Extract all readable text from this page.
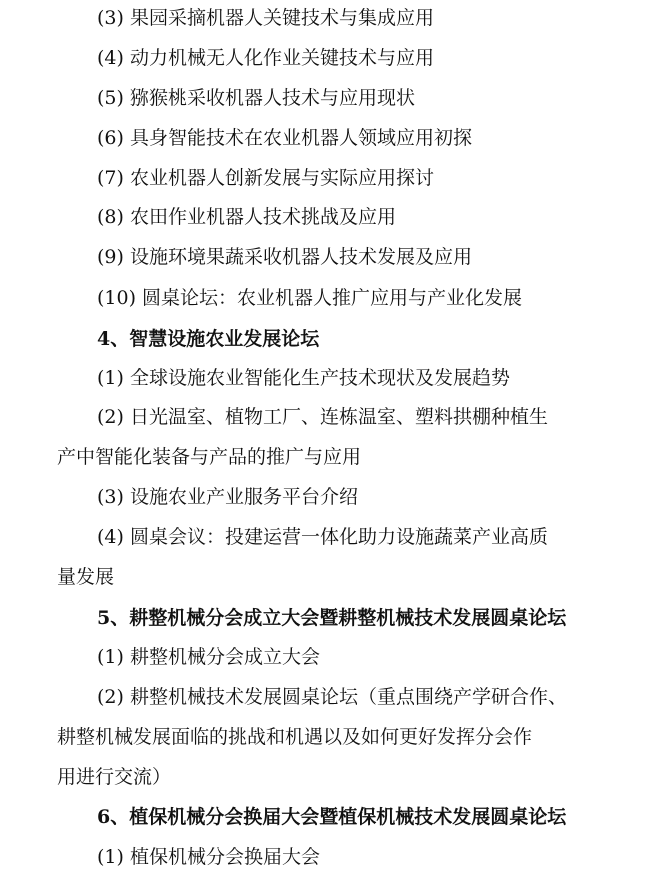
(3) 果园采摘机器人关键技术与集成应用
(4) 动力机械无人化作业关键技术与应用
(5) 猕猴桃采收机器人技术与应用现状
(6) 具身智能技术在农业机器人领域应用初探
(7) 农业机器人创新发展与实际应用探讨
(8) 农田作业机器人技术挑战及应用
(9) 设施环境果蔬采收机器人技术发展及应用
(10) 圆桌论坛：农业机器人推广应用与产业化发展
4、智慧设施农业发展论坛
(1) 全球设施农业智能化生产技术现状及发展趋势
(2) 日光温室、植物工厂、连栋温室、塑料拱棚种植生
产中智能化装备与产品的推广与应用
(3) 设施农业产业服务平台介绍
(4) 圆桌会议：投建运营一体化助力设施蔬菜产业高质
量发展
5、耕整机械分会成立大会暨耕整机械技术发展圆桌论坛
(1) 耕整机械分会成立大会
(2) 耕整机械技术发展圆桌论坛（重点围绕产学研合作、
耕整机械发展面临的挑战和机遇以及如何更好发挥分会作
用进行交流）
6、植保机械分会换届大会暨植保机械技术发展圆桌论坛
(1) 植保机械分会换届大会
